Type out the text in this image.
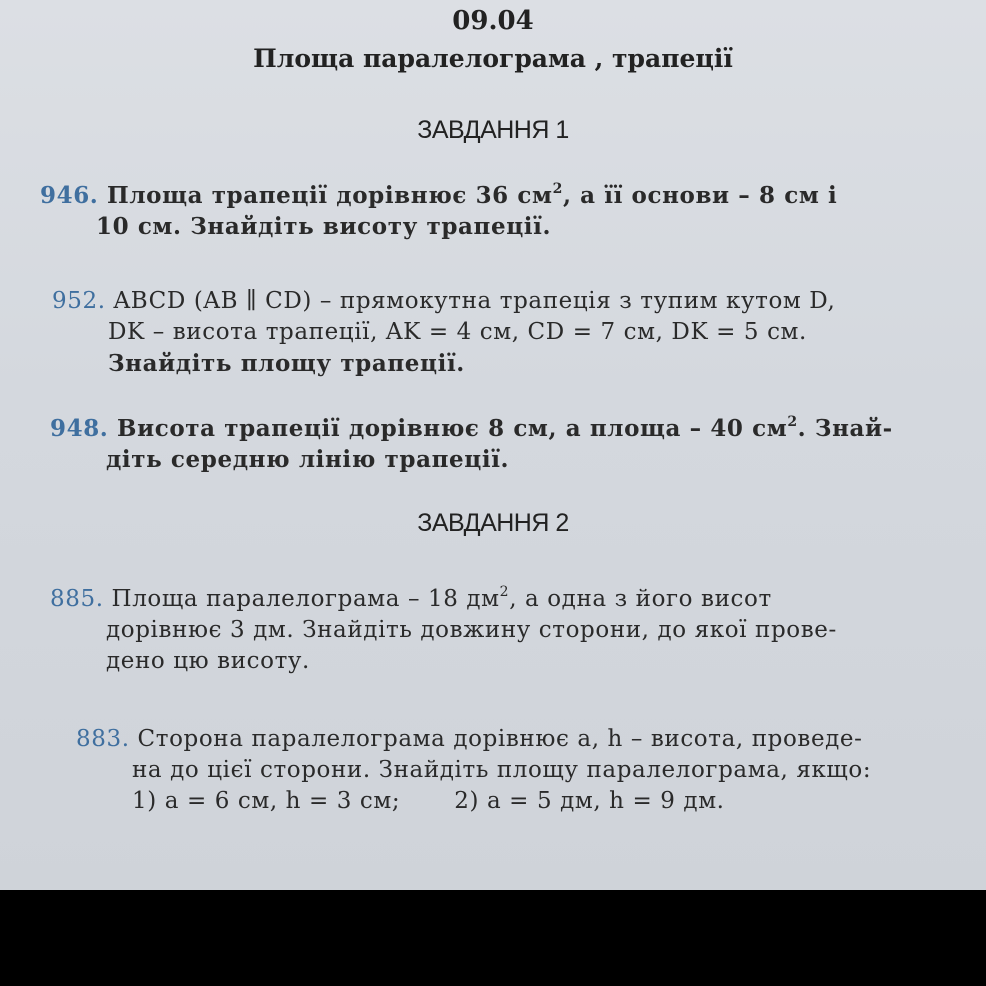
09.04
Площа паралелограма , трапеції
ЗАВДАННЯ 1
946. Площа трапеції дорівнює 36 $см^2$, а її основи – 8 см і
10 см. Знайдіть висоту трапеції.
952. ABCD (AB ∥ CD) – прямокутна трапеція з тупим кутом D,
DK – висота трапеції, AK = 4 см, CD = 7 см, DK = 5 см.
Знайдіть площу трапеції.
948. Висота трапеції дорівнює 8 см, а площа – 40 $см^2$. Знай-
діть середню лінію трапеції.
ЗАВДАННЯ 2
885. Площа паралелограма – 18 $дм^2$, а одна з його висот
дорівнює 3 дм. Знайдіть довжину сторони, до якої прове-
дено цю висоту.
883. Сторона паралелограма дорівнює a, h – висота, проведе-
на до цієї сторони. Знайдіть площу паралелограма, якщо:
1) a = 6 см, h = 3 см; 2) a = 5 дм, h = 9 дм.
